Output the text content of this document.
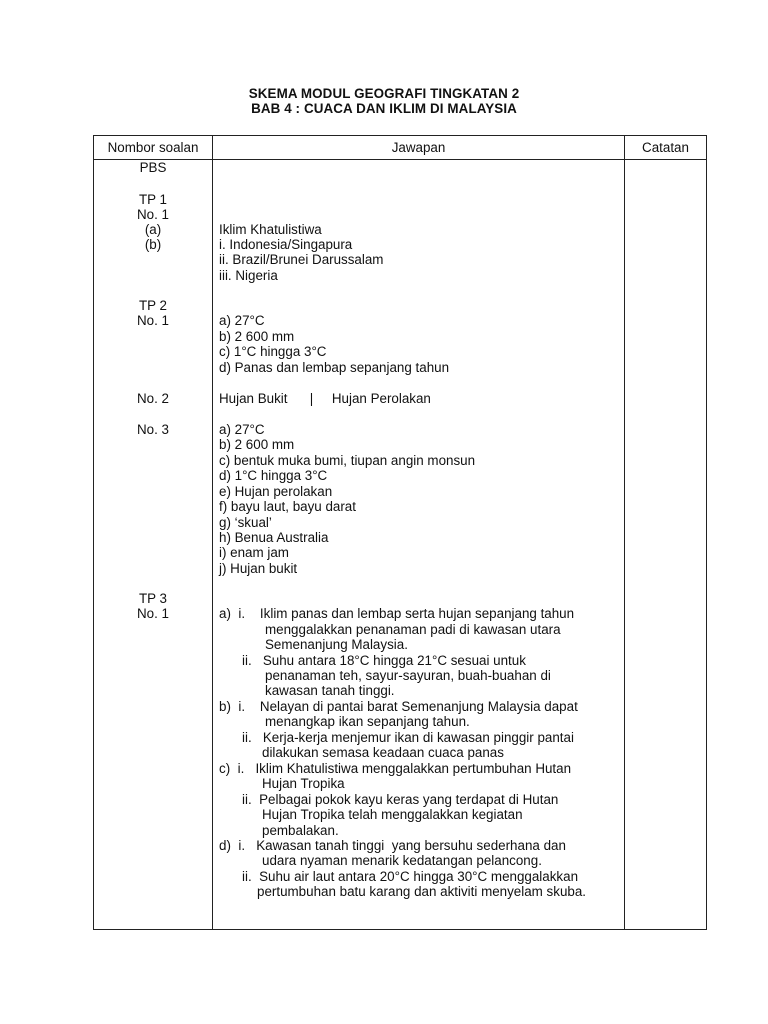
SKEMA MODUL GEOGRAFI TINGKATAN 2
BAB 4 : CUACA DAN IKLIM DI MALAYSIA
Nombor soalan	Jawapan	Catatan
PBS
TP 1
No. 1
(a)
(b)
TP 2
No. 1
No. 2
No. 3
TP 3
No. 1
Iklim Khatulistiwa
i. Indonesia/Singapura
ii. Brazil/Brunei Darussalam
iii. Nigeria
a) 27°C
b) 2 600 mm
c) 1°C hingga 3°C
d) Panas dan lembap sepanjang tahun
Hujan Bukit      |     Hujan Perolakan
a) 27°C
b) 2 600 mm
c) bentuk muka bumi, tiupan angin monsun
d) 1°C hingga 3°C
e) Hujan perolakan
f) bayu laut, bayu darat
g) ‘skual’
h) Benua Australia
i) enam jam
j) Hujan bukit
a)  i.    Iklim panas dan lembap serta hujan sepanjang tahun
menggalakkan penanaman padi di kawasan utara
Semenanjung Malaysia.
ii.   Suhu antara 18°C hingga 21°C sesuai untuk
penanaman teh, sayur-sayuran, buah-buahan di
kawasan tanah tinggi.
b)  i.    Nelayan di pantai barat Semenanjung Malaysia dapat
menangkap ikan sepanjang tahun.
ii.   Kerja-kerja menjemur ikan di kawasan pinggir pantai
dilakukan semasa keadaan cuaca panas
c)  i.   Iklim Khatulistiwa menggalakkan pertumbuhan Hutan
Hujan Tropika
ii.  Pelbagai pokok kayu keras yang terdapat di Hutan
Hujan Tropika telah menggalakkan kegiatan
pembalakan.
d)  i.   Kawasan tanah tinggi  yang bersuhu sederhana dan
udara nyaman menarik kedatangan pelancong.
ii.  Suhu air laut antara 20°C hingga 30°C menggalakkan
pertumbuhan batu karang dan aktiviti menyelam skuba.
